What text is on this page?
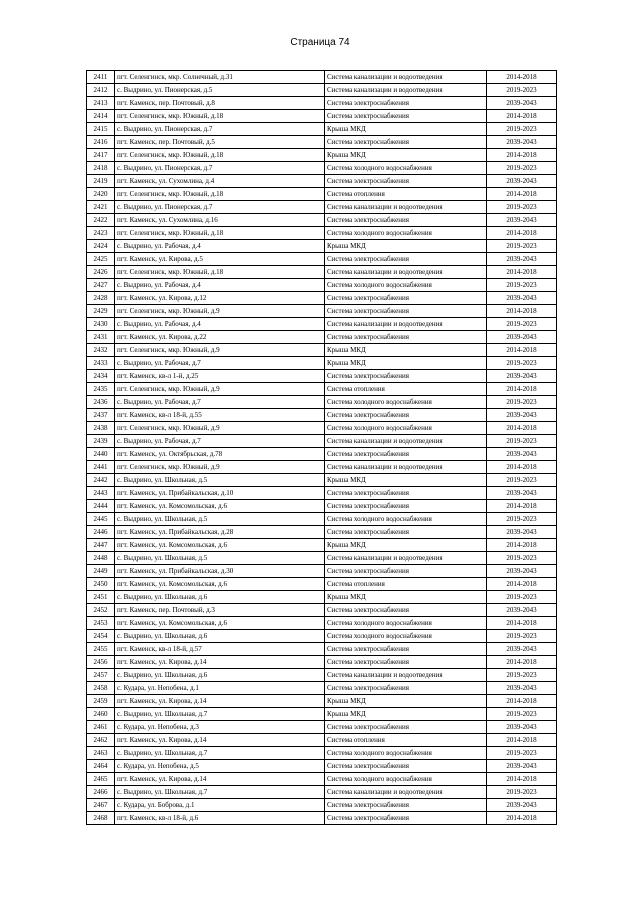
Страница 74
2411	пгт. Селенгинск, мкр. Солнечный, д.31	Система канализации и водоотведения	2014-2018
2412	с. Выдрино, ул. Пионерская, д.5	Система канализации и водоотведения	2019-2023
2413	пгт. Каменск, пер. Почтовый, д.8	Система электроснабжения	2039-2043
2414	пгт. Селенгинск, мкр. Южный, д.18	Система электроснабжения	2014-2018
2415	с. Выдрино, ул. Пионерская, д.7	Крыша МКД	2019-2023
2416	пгт. Каменск, пер. Почтовый, д.5	Система электроснабжения	2039-2043
2417	пгт. Селенгинск, мкр. Южный, д.18	Крыша МКД	2014-2018
2418	с. Выдрино, ул. Пионерская, д.7	Система холодного водоснабжения	2019-2023
2419	пгт. Каменск, ул. Сухомлина, д.4	Система электроснабжения	2039-2043
2420	пгт. Селенгинск, мкр. Южный, д.18	Система отопления	2014-2018
2421	с. Выдрино, ул. Пионерская, д.7	Система канализации и водоотведения	2019-2023
2422	пгт. Каменск, ул. Сухомлина, д.16	Система электроснабжения	2039-2043
2423	пгт. Селенгинск, мкр. Южный, д.18	Система холодного водоснабжения	2014-2018
2424	с. Выдрино, ул. Рабочая, д.4	Крыша МКД	2019-2023
2425	пгт. Каменск, ул. Кирова, д.5	Система электроснабжения	2039-2043
2426	пгт. Селенгинск, мкр. Южный, д.18	Система канализации и водоотведения	2014-2018
2427	с. Выдрино, ул. Рабочая, д.4	Система холодного водоснабжения	2019-2023
2428	пгт. Каменск, ул. Кирова, д.12	Система электроснабжения	2039-2043
2429	пгт. Селенгинск, мкр. Южный, д.9	Система электроснабжения	2014-2018
2430	с. Выдрино, ул. Рабочая, д.4	Система канализации и водоотведения	2019-2023
2431	пгт. Каменск, ул. Кирова, д.22	Система электроснабжения	2039-2043
2432	пгт. Селенгинск, мкр. Южный, д.9	Крыша МКД	2014-2018
2433	с. Выдрино, ул. Рабочая, д.7	Крыша МКД	2019-2023
2434	пгт. Каменск, кв-л 1-й, д.25	Система электроснабжения	2039-2043
2435	пгт. Селенгинск, мкр. Южный, д.9	Система отопления	2014-2018
2436	с. Выдрино, ул. Рабочая, д.7	Система холодного водоснабжения	2019-2023
2437	пгт. Каменск, кв-л 18-й, д.55	Система электроснабжения	2039-2043
2438	пгт. Селенгинск, мкр. Южный, д.9	Система холодного водоснабжения	2014-2018
2439	с. Выдрино, ул. Рабочая, д.7	Система канализации и водоотведения	2019-2023
2440	пгт. Каменск, ул. Октябрьская, д.78	Система электроснабжения	2039-2043
2441	пгт. Селенгинск, мкр. Южный, д.9	Система канализации и водоотведения	2014-2018
2442	с. Выдрино, ул. Школьная, д.5	Крыша МКД	2019-2023
2443	пгт. Каменск, ул. Прибайкальская, д.10	Система электроснабжения	2039-2043
2444	пгт. Каменск, ул. Комсомольская, д.6	Система электроснабжения	2014-2018
2445	с. Выдрино, ул. Школьная, д.5	Система холодного водоснабжения	2019-2023
2446	пгт. Каменск, ул. Прибайкальская, д.28	Система электроснабжения	2039-2043
2447	пгт. Каменск, ул. Комсомольская, д.6	Крыша МКД	2014-2018
2448	с. Выдрино, ул. Школьная, д.5	Система канализации и водоотведения	2019-2023
2449	пгт. Каменск, ул. Прибайкальская, д.30	Система электроснабжения	2039-2043
2450	пгт. Каменск, ул. Комсомольская, д.6	Система отопления	2014-2018
2451	с. Выдрино, ул. Школьная, д.6	Крыша МКД	2019-2023
2452	пгт. Каменск, пер. Почтовый, д.3	Система электроснабжения	2039-2043
2453	пгт. Каменск, ул. Комсомольская, д.6	Система холодного водоснабжения	2014-2018
2454	с. Выдрино, ул. Школьная, д.6	Система холодного водоснабжения	2019-2023
2455	пгт. Каменск, кв-л 18-й, д.57	Система электроснабжения	2039-2043
2456	пгт. Каменск, ул. Кирова, д.14	Система электроснабжения	2014-2018
2457	с. Выдрино, ул. Школьная, д.6	Система канализации и водоотведения	2019-2023
2458	с. Кудара, ул. Непобена, д.1	Система электроснабжения	2039-2043
2459	пгт. Каменск, ул. Кирова, д.14	Крыша МКД	2014-2018
2460	с. Выдрино, ул. Школьная, д.7	Крыша МКД	2019-2023
2461	с. Кудара, ул. Непобена, д.3	Система электроснабжения	2039-2043
2462	пгт. Каменск, ул. Кирова, д.14	Система отопления	2014-2018
2463	с. Выдрино, ул. Школьная, д.7	Система холодного водоснабжения	2019-2023
2464	с. Кудара, ул. Непобена, д.5	Система электроснабжения	2039-2043
2465	пгт. Каменск, ул. Кирова, д.14	Система холодного водоснабжения	2014-2018
2466	с. Выдрино, ул. Школьная, д.7	Система канализации и водоотведения	2019-2023
2467	с. Кудара, ул. Боброва, д.1	Система электроснабжения	2039-2043
2468	пгт. Каменск, кв-л 18-й, д.6	Система электроснабжения	2014-2018
